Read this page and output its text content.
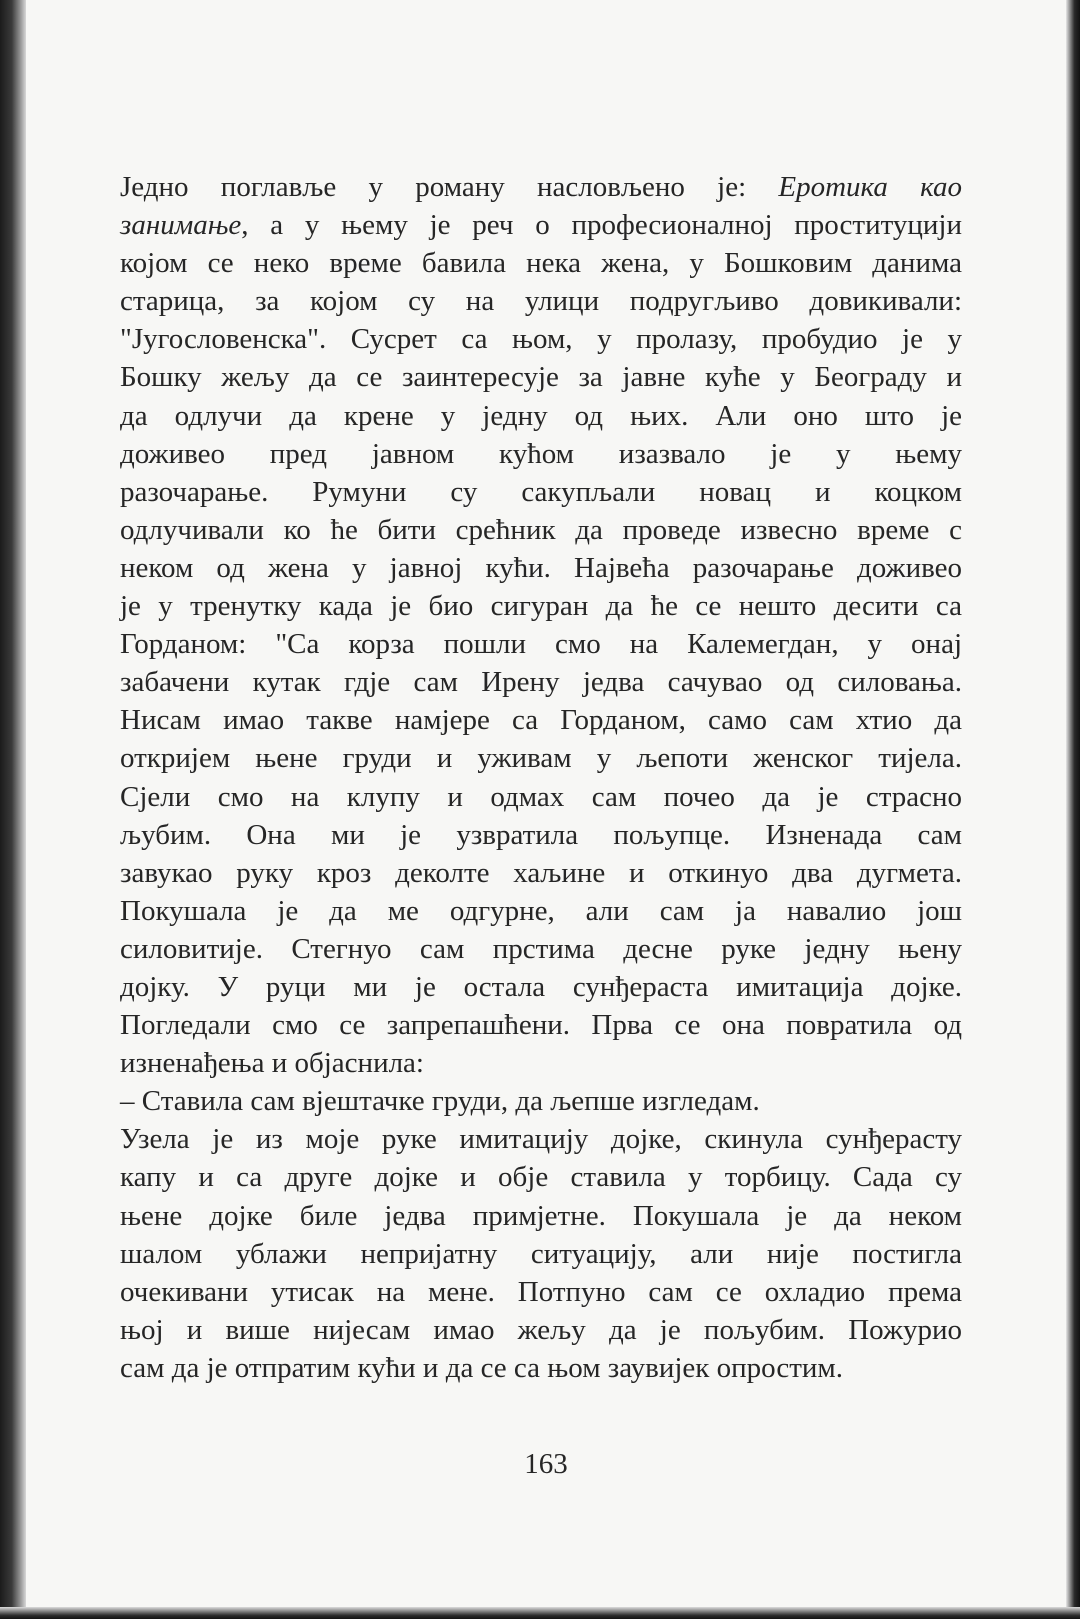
Једно поглавље у роману насловљено је: Еротика као

занимање, а у њему је реч о професионалној проституцији

којом се неко време бавила нека жена, у Бошковим данима

старица, за којом су на улици подругљиво довикивали:

"Југословенска". Сусрет са њом, у пролазу, пробудио је у

Бошку жељу да се заинтересује за јавне куће у Београду и

да одлучи да крене у једну од њих. Али оно што је

доживео пред јавном кућом изазвало је у њему

разочарање. Румуни су сакупљали новац и коцком

одлучивали ко ће бити срећник да проведе извесно време с

неком од жена у јавној кући. Највећа разочарање доживео

је у тренутку када је био сигуран да ће се нешто десити са

Горданом: "Са корза пошли смо на Калемегдан, у онај

забачени кутак гдје сам Ирену једва сачувао од силовања.

Нисам имао такве намјере са Горданом, само сам хтио да

откријем њене груди и уживам у љепоти женског тијела.

Сјели смо на клупу и одмах сам почео да је страсно

љубим. Она ми је узвратила пољупце. Изненада сам

завукао руку кроз деколте хаљине и откинуо два дугмета.

Покушала је да ме одгурне, али сам ја навалио још

силовитије. Стегнуо сам прстима десне руке једну њену

дојку. У руци ми је остала сунђераста имитација дојке.

Погледали смо се запрепашћени. Прва се она повратила од

изненађења и објаснила:

– Ставила сам вјештачке груди, да љепше изгледам.

Узела је из моје руке имитацију дојке, скинула сунђерасту

капу и са друге дојке и обје ставила у торбицу. Сада су

њене дојке биле једва примјетне. Покушала је да неком

шалом ублажи непријатну ситуацију, али није постигла

очекивани утисак на мене. Потпуно сам се охладио према

њој и више нијесам имао жељу да је пољубим. Пожурио

сам да је отпратим кући и да се са њом заувијек опростим.

163
